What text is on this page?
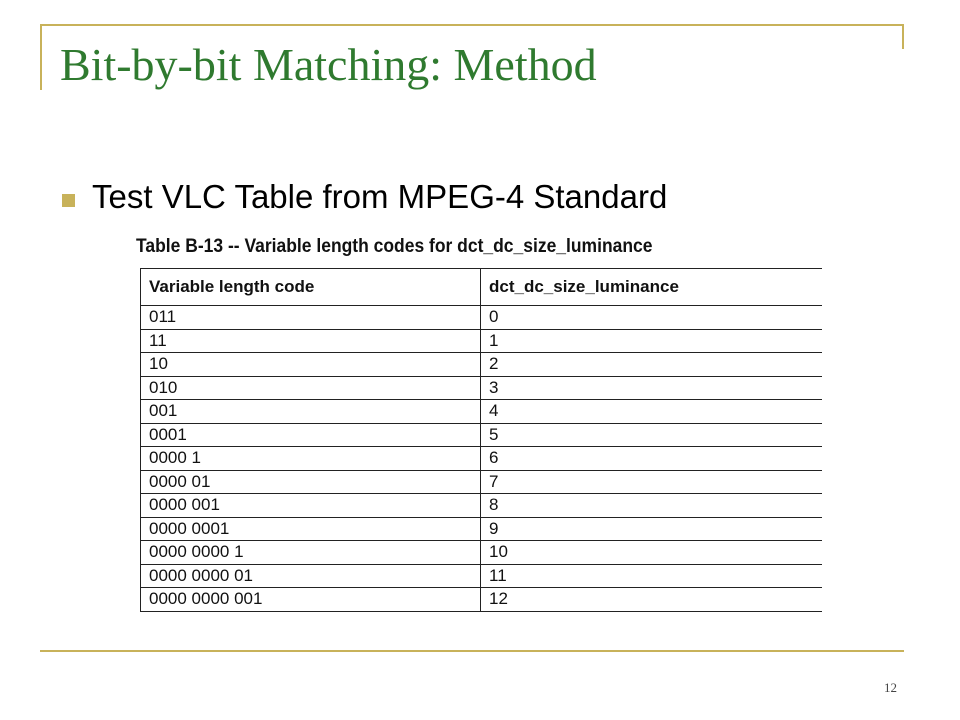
Bit-by-bit Matching: Method
Test VLC Table from MPEG-4 Standard
Table B-13 -- Variable length codes for dct_dc_size_luminance
Variable length code	dct_dc_size_luminance
011	0
11	1
10	2
010	3
001	4
0001	5
0000 1	6
0000 01	7
0000 001	8
0000 0001	9
0000 0000 1	10
0000 0000 01	11
0000 0000 001	12
12
